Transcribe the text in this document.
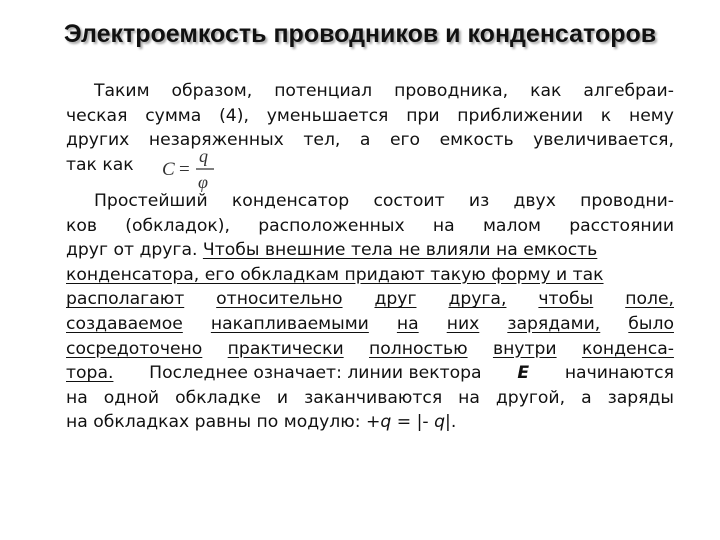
Электроемкость проводников и конденсаторов
Таким образом, потенциал проводника, как алгебраи-
ческая сумма (4), уменьшается при приближении к нему
других незаряженных тел, а его емкость увеличивается,
так как	C =
q
φ
Простейший конденсатор состоит из двух проводни-
ков (обкладок), расположенных на малом расстоянии
друг от друга. Чтобы внешние тела не влияли на емкость
конденсатора, его обкладкам придают такую форму и так
располагают относительно друг друга, чтобы поле,
создаваемое накапливаемыми на них зарядами, было
сосредоточено практически полностью внутри конденса-
тора. Последнее означает: линии вектора E начинаются
на одной обкладке и заканчиваются на другой, а заряды
на обкладках равны по модулю: +q = |- q|.
